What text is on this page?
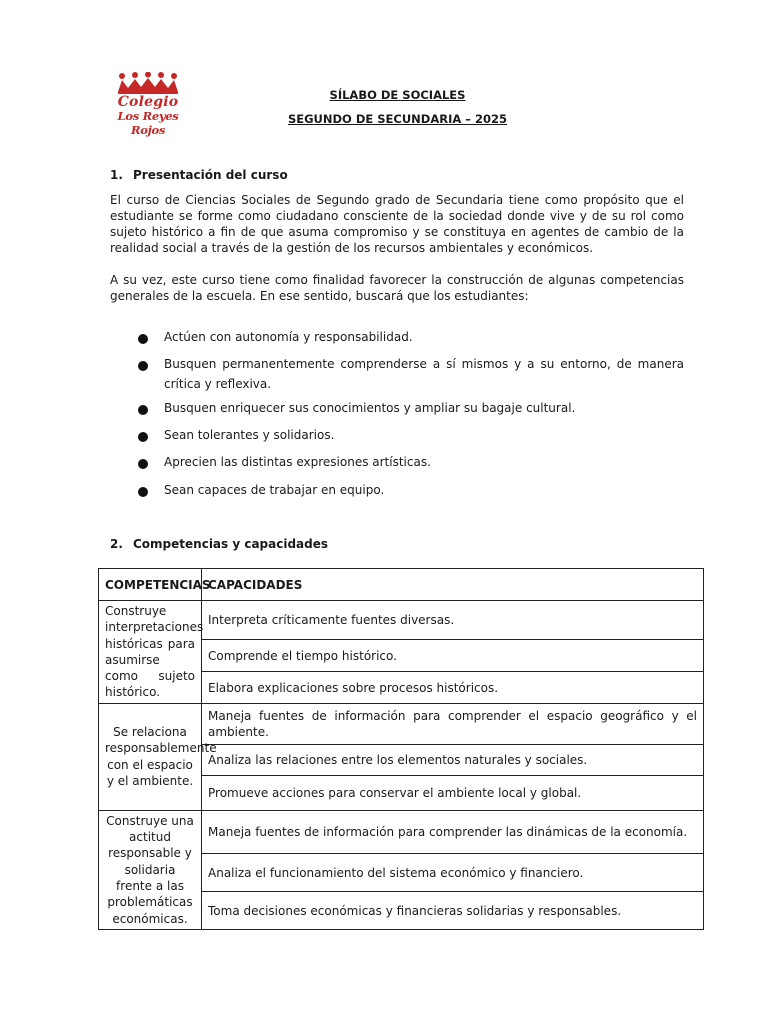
Colegio
Los Reyes Rojos
SÍLABO DE SOCIALES
SEGUNDO DE SECUNDARIA – 2025
1. Presentación del curso

El curso de Ciencias Sociales de Segundo grado de Secundaria tiene como propósito que el estudiante se forme como ciudadano consciente de la sociedad donde vive y de su rol como sujeto histórico a fin de que asuma compromiso y se constituya en agentes de cambio de la realidad social a través de la gestión de los recursos ambientales y económicos.

A su vez, este curso tiene como finalidad favorecer la construcción de algunas competencias generales de la escuela. En ese sentido, buscará que los estudiantes:

Actúen con autonomía y responsabilidad.
Busquen permanentemente comprenderse a sí mismos y a su entorno, de manera crítica y reflexiva.
Busquen enriquecer sus conocimientos y ampliar su bagaje cultural.
Sean tolerantes y solidarios.
Aprecien las distintas expresiones artísticas.
Sean capaces de trabajar en equipo.
2. Competencias y capacidades
COMPETENCIAS	CAPACIDADES
Construye interpretaciones históricas para asumirse como sujeto histórico.	Interpreta críticamente fuentes diversas.
	Comprende el tiempo histórico.
	Elabora explicaciones sobre procesos históricos.
Se relaciona responsablemente con el espacio y el ambiente.	Maneja fuentes de información para comprender el espacio geográfico y el ambiente.
	Analiza las relaciones entre los elementos naturales y sociales.
	Promueve acciones para conservar el ambiente local y global.
Construye una actitud responsable y solidaria frente a las problemáticas económicas.	Maneja fuentes de información para comprender las dinámicas de la economía.
	Analiza el funcionamiento del sistema económico y financiero.
	Toma decisiones económicas y financieras solidarias y responsables.
